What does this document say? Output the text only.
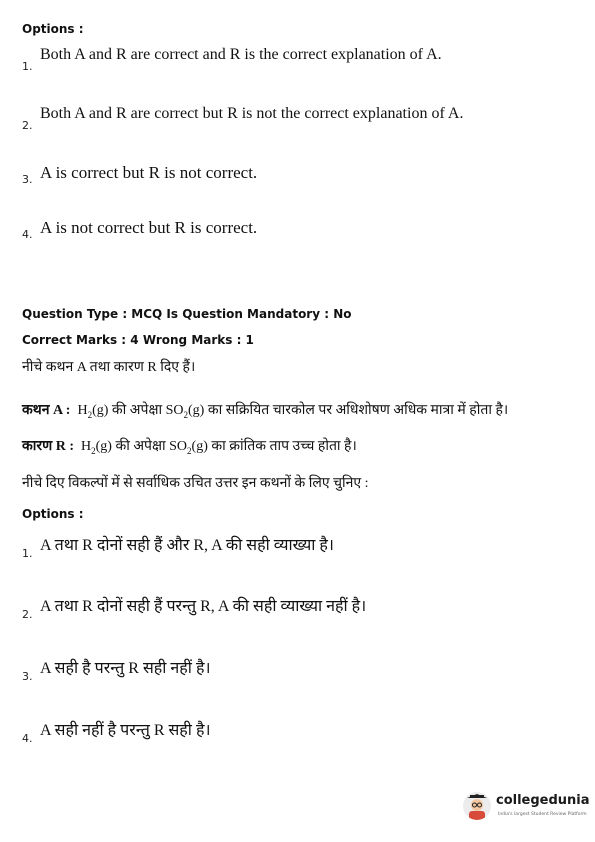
Options :
1.
Both A and R are correct and R is the correct explanation of A.
2.
Both A and R are correct but R is not the correct explanation of A.
3. A is correct but R is not correct.
4. A is not correct but R is correct.
Question Type : MCQ Is Question Mandatory : No
Correct Marks : 4 Wrong Marks : 1
नीचे कथन A तथा कारण R दिए हैं।
कथन A : $H_2(g)$ की अपेक्षा $SO_2(g)$ का सक्रियित चारकोल पर अधिशोषण अधिक मात्रा में होता है।
कारण R : $H_2(g)$ की अपेक्षा $SO_2(g)$ का क्रांतिक ताप उच्च होता है।
नीचे दिए विकल्पों में से सर्वाधिक उचित उत्तर इन कथनों के लिए चुनिए :
Options :
1. A तथा R दोनों सही हैं और R, A की सही व्याख्या है।
2. A तथा R दोनों सही हैं परन्तु R, A की सही व्याख्या नहीं है।
3. A सही है परन्तु R सही नहीं है।
4. A सही नहीं है परन्तु R सही है।
collegedunia
India's largest Student Review Platform
